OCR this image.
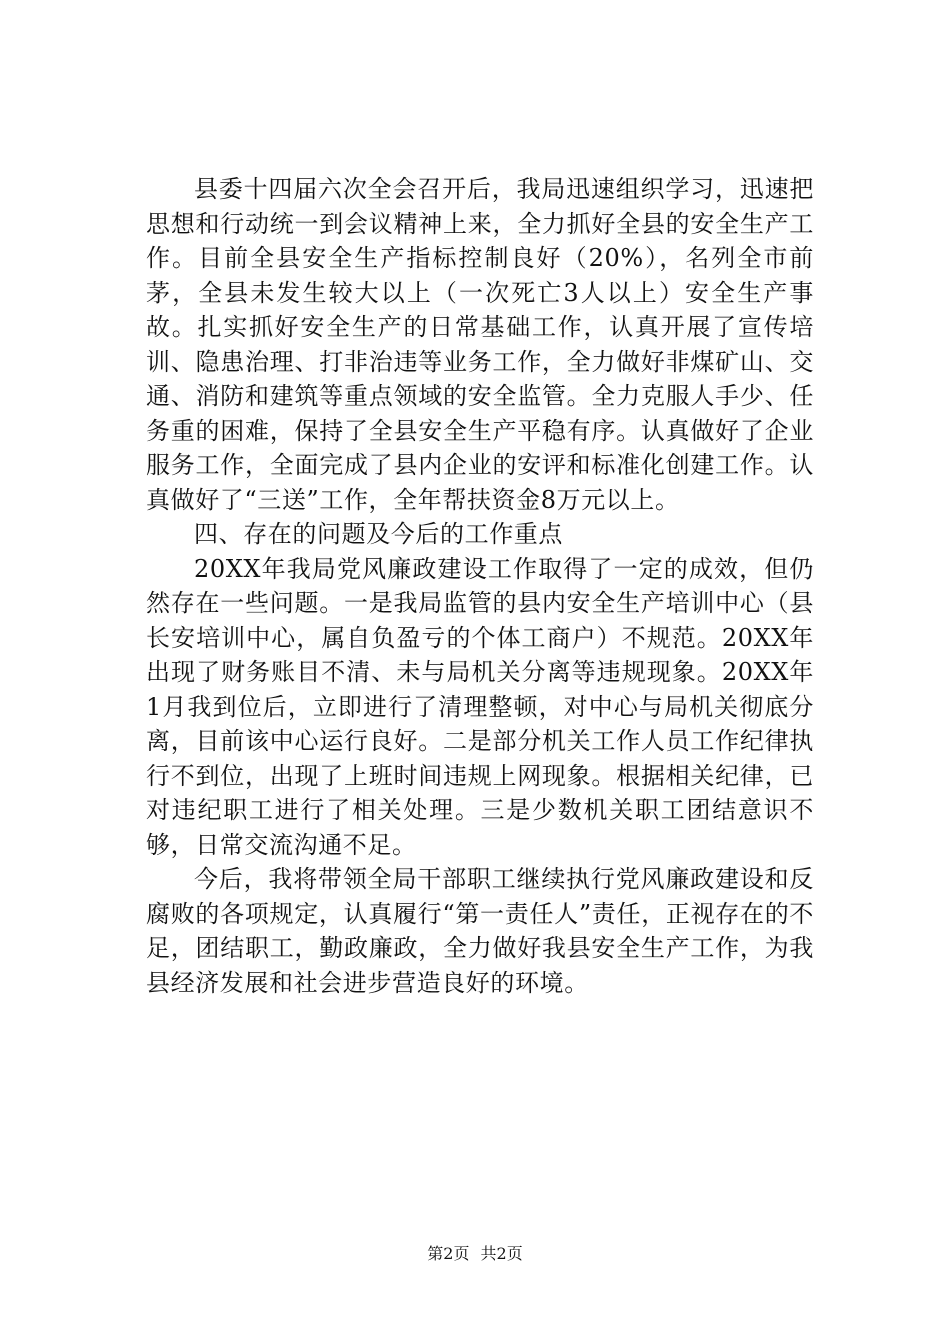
县委十四届六次全会召开后，我局迅速组织学习，迅速把思想和行动统一到会议精神上来，全力抓好全县的安全生产工作。目前全县安全生产指标控制良好（20%），名列全市前茅，全县未发生较大以上（一次死亡3人以上）安全生产事故。扎实抓好安全生产的日常基础工作，认真开展了宣传培训、隐患治理、打非治违等业务工作，全力做好非煤矿山、交通、消防和建筑等重点领域的安全监管。全力克服人手少、任务重的困难，保持了全县安全生产平稳有序。认真做好了企业服务工作，全面完成了县内企业的安评和标准化创建工作。认真做好了“三送”工作，全年帮扶资金8万元以上。

四、存在的问题及今后的工作重点

20XX年我局党风廉政建设工作取得了一定的成效，但仍然存在一些问题。一是我局监管的县内安全生产培训中心（县长安培训中心，属自负盈亏的个体工商户）不规范。20XX年出现了财务账目不清、未与局机关分离等违规现象。20XX年1月我到位后，立即进行了清理整顿，对中心与局机关彻底分离，目前该中心运行良好。二是部分机关工作人员工作纪律执行不到位，出现了上班时间违规上网现象。根据相关纪律，已对违纪职工进行了相关处理。三是少数机关职工团结意识不够，日常交流沟通不足。

今后，我将带领全局干部职工继续执行党风廉政建设和反腐败的各项规定，认真履行“第一责任人”责任，正视存在的不足，团结职工，勤政廉政，全力做好我县安全生产工作，为我县经济发展和社会进步营造良好的环境。

第2页 共2页
